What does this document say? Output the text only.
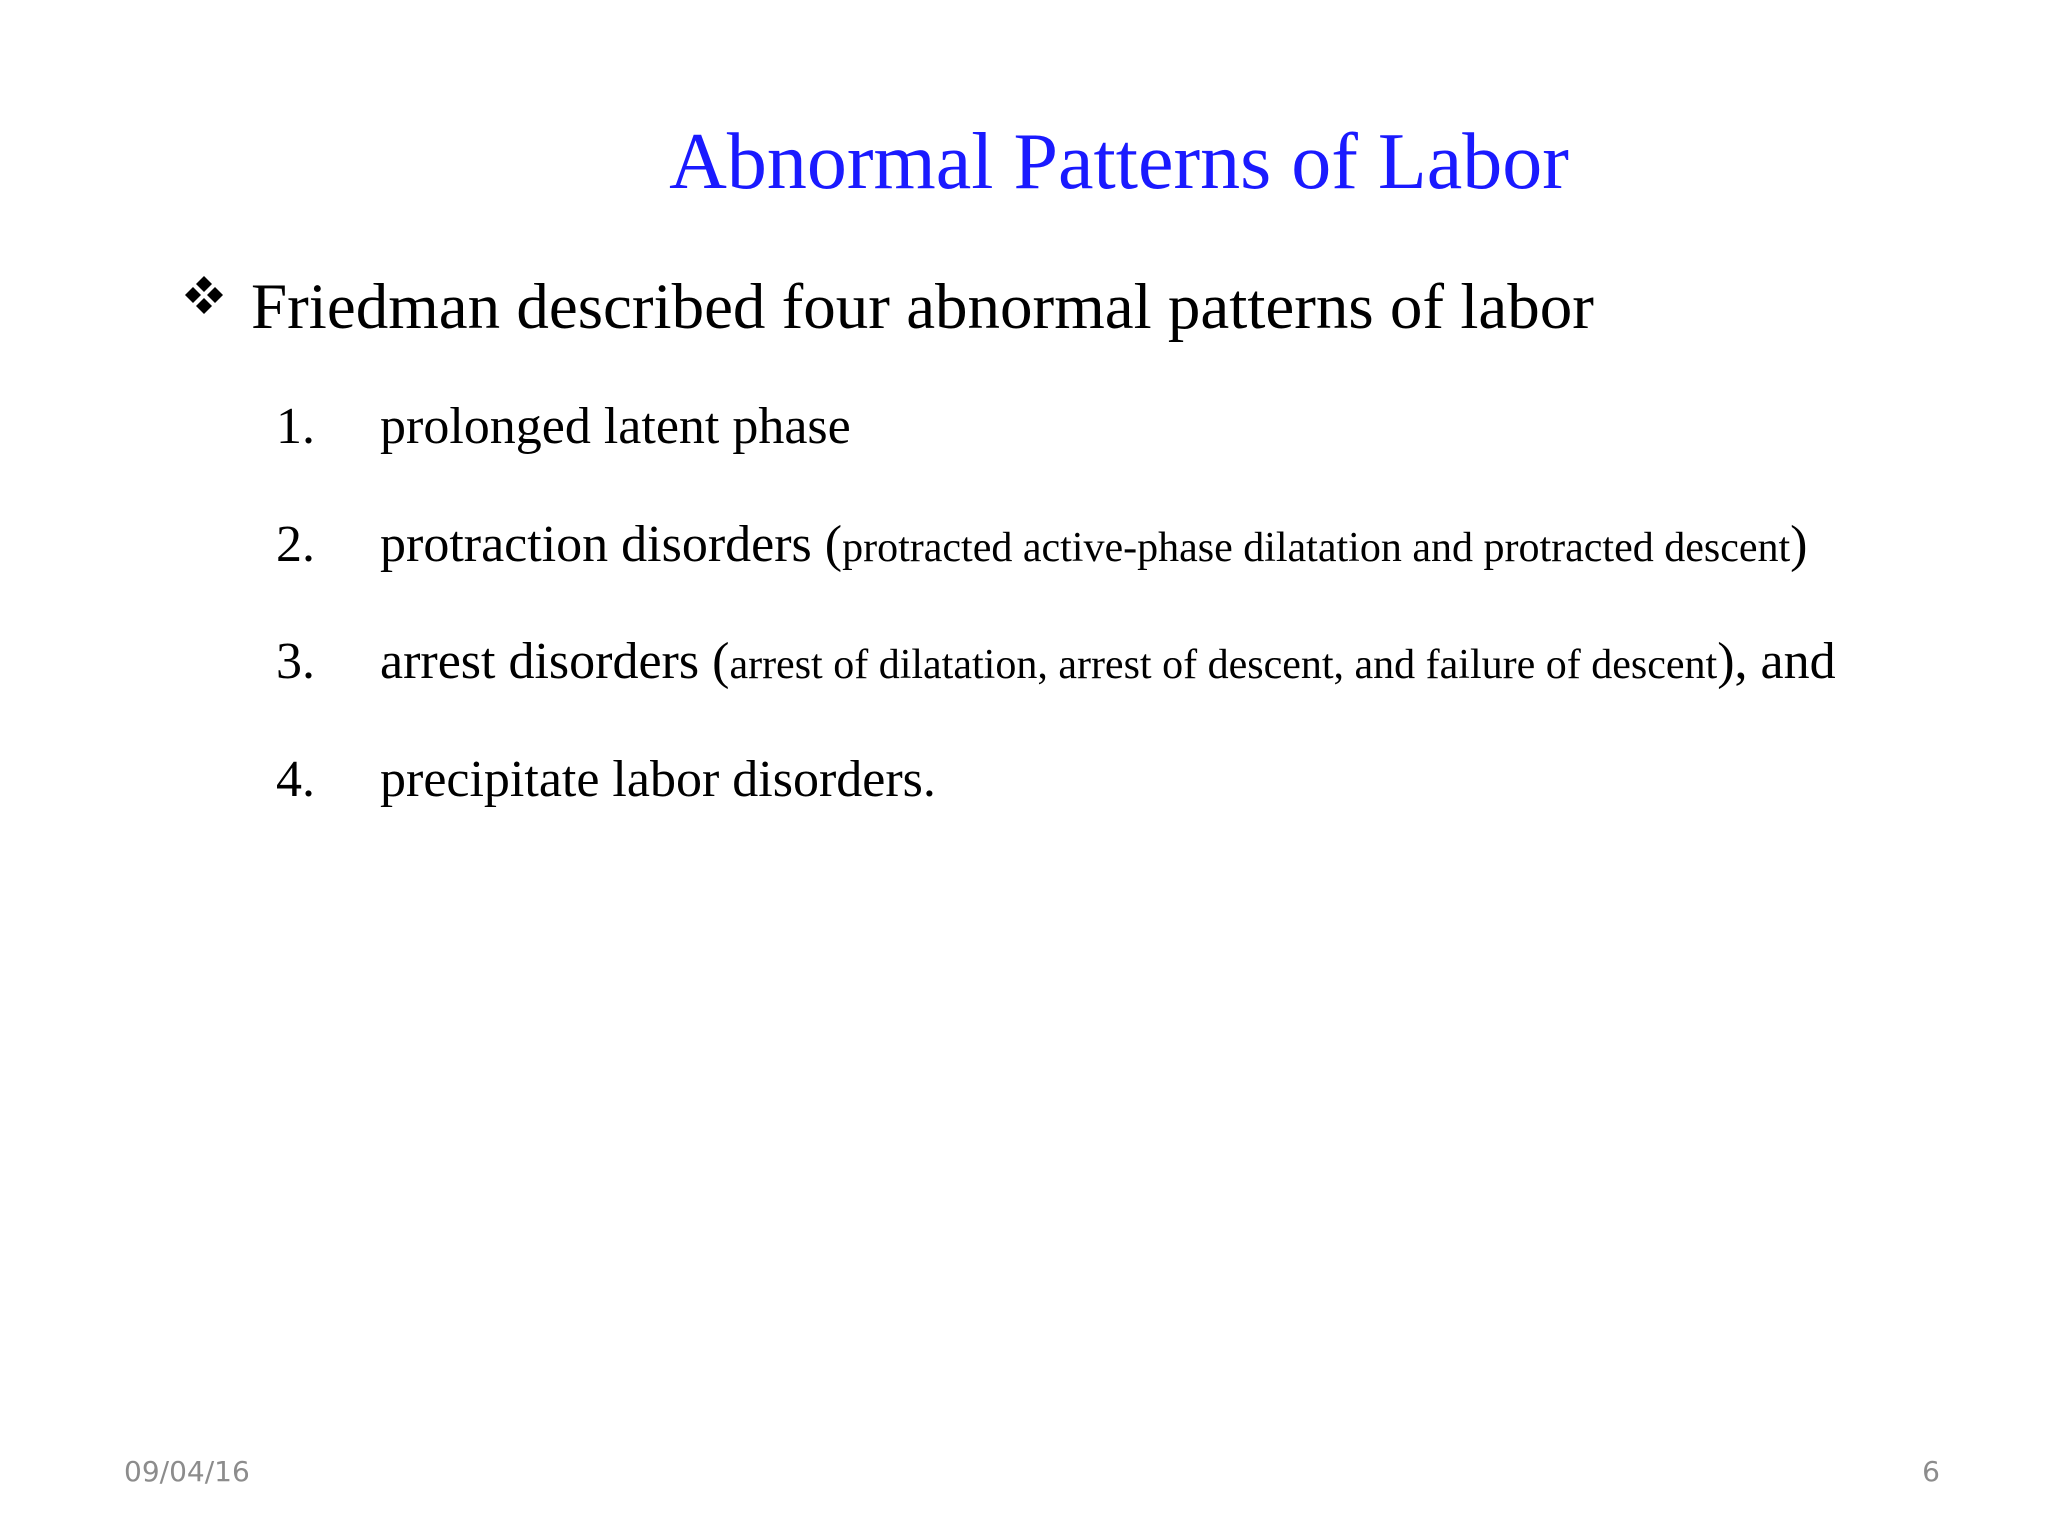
Abnormal Patterns of Labor
Friedman described four abnormal patterns of labor
1. prolonged latent phase
2. protraction disorders (protracted active-phase dilatation and protracted descent)
3. arrest disorders (arrest of dilatation, arrest of descent, and failure of descent), and
4. precipitate labor disorders.
09/04/16	6
